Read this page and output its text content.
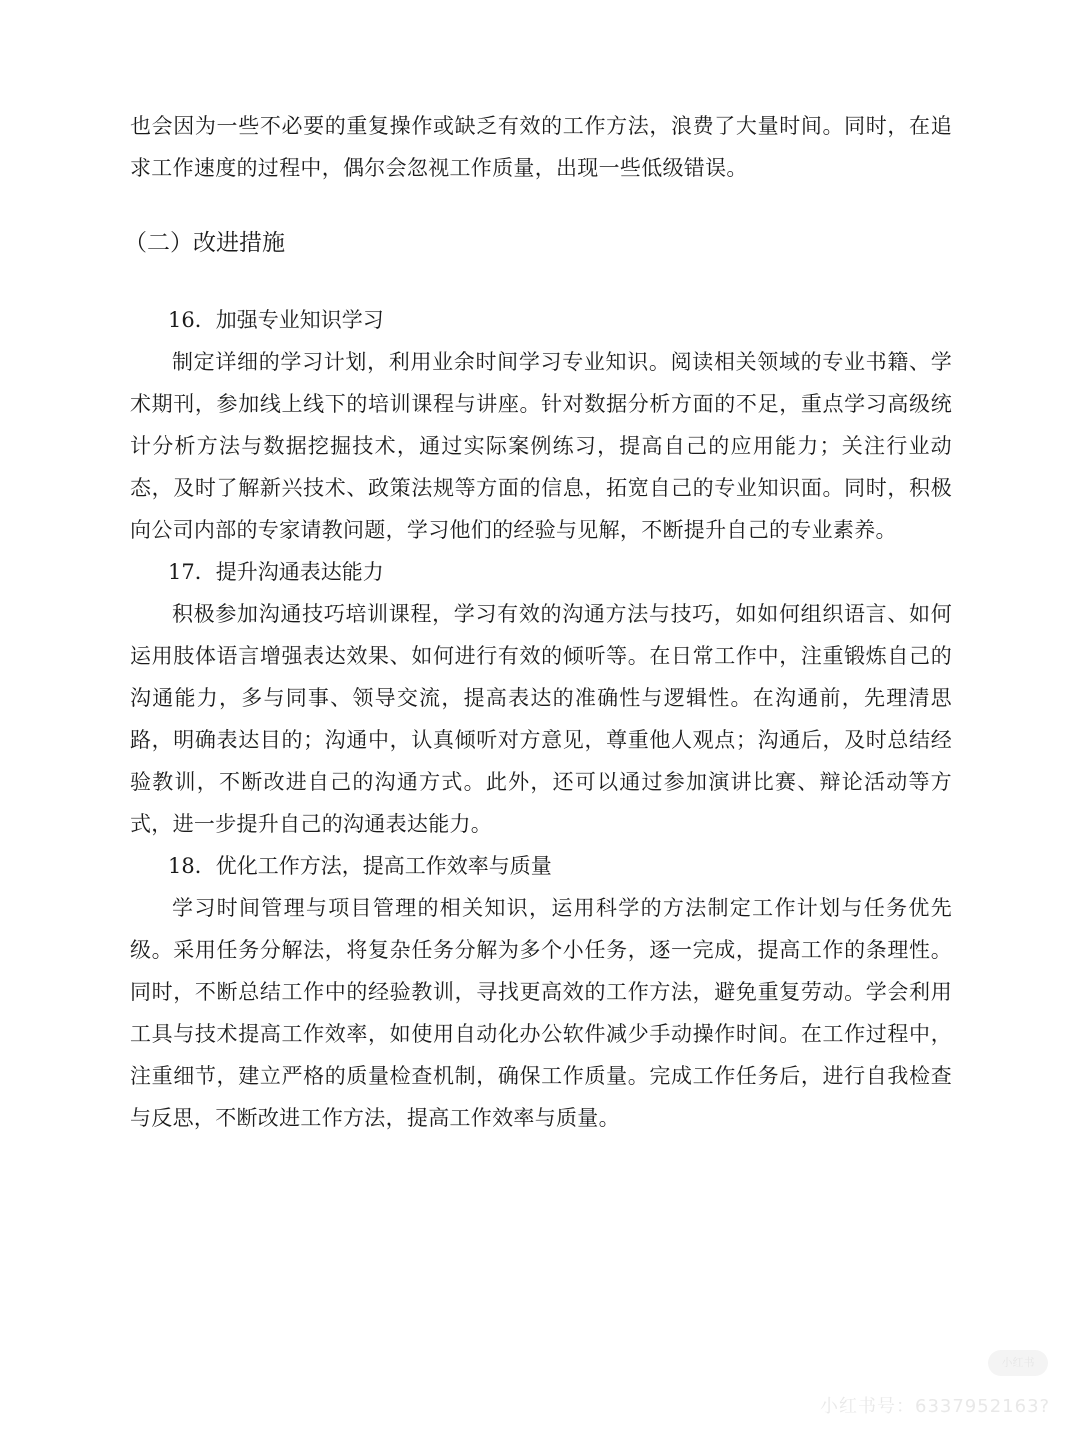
也会因为一些不必要的重复操作或缺乏有效的工作方法，浪费了大量时间。同时，在追求工作速度的过程中，偶尔会忽视工作质量，出现一些低级错误。

（二）改进措施
16．加强专业知识学习

制定详细的学习计划，利用业余时间学习专业知识。阅读相关领域的专业书籍、学术期刊，参加线上线下的培训课程与讲座。针对数据分析方面的不足，重点学习高级统计分析方法与数据挖掘技术，通过实际案例练习，提高自己的应用能力；关注行业动态，及时了解新兴技术、政策法规等方面的信息，拓宽自己的专业知识面。同时，积极向公司内部的专家请教问题，学习他们的经验与见解，不断提升自己的专业素养。

17．提升沟通表达能力

积极参加沟通技巧培训课程，学习有效的沟通方法与技巧，如如何组织语言、如何运用肢体语言增强表达效果、如何进行有效的倾听等。在日常工作中，注重锻炼自己的沟通能力，多与同事、领导交流，提高表达的准确性与逻辑性。在沟通前，先理清思路，明确表达目的；沟通中，认真倾听对方意见，尊重他人观点；沟通后，及时总结经验教训，不断改进自己的沟通方式。此外，还可以通过参加演讲比赛、辩论活动等方式，进一步提升自己的沟通表达能力。

18．优化工作方法，提高工作效率与质量

学习时间管理与项目管理的相关知识，运用科学的方法制定工作计划与任务优先级。采用任务分解法，将复杂任务分解为多个小任务，逐一完成，提高工作的条理性。同时，不断总结工作中的经验教训，寻找更高效的工作方法，避免重复劳动。学会利用工具与技术提高工作效率，如使用自动化办公软件减少手动操作时间。在工作过程中，注重细节，建立严格的质量检查机制，确保工作质量。完成工作任务后，进行自我检查与反思，不断改进工作方法，提高工作效率与质量。

小红书
小红书号：6337952163?
